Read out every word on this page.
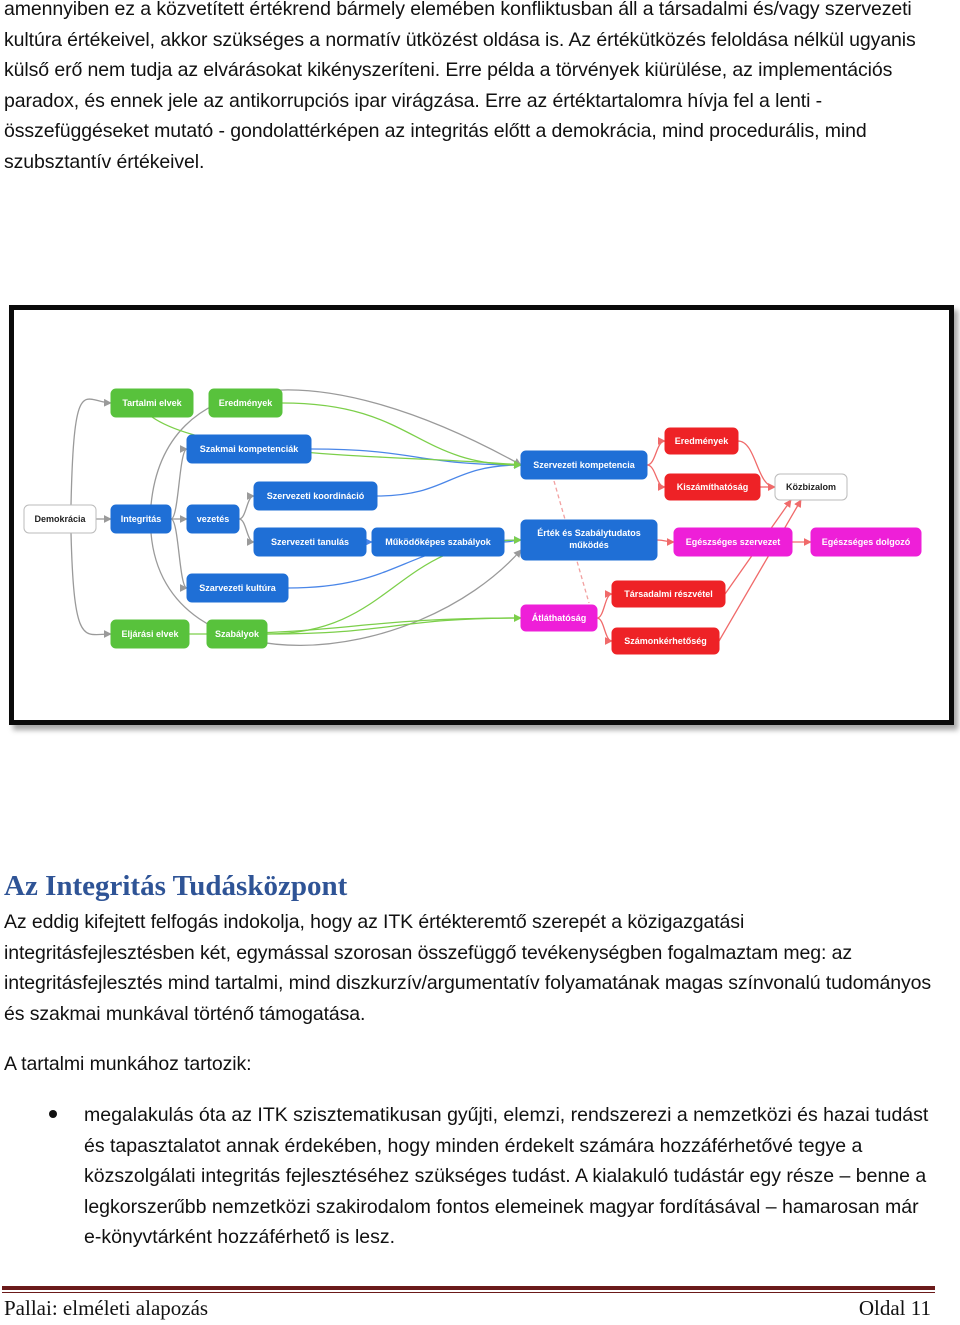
amennyiben ez a közvetített értékrend bármely elemében konfliktusban áll a társadalmi és/vagy szervezeti kultúra értékeivel, akkor szükséges a normatív ütközést oldása is. Az értékütközés feloldása nélkül ugyanis külső erő nem tudja az elvárásokat kikényszeríteni. Erre példa a törvények kiürülése, az implementációs paradox, és ennek jele az antikorrupciós ipar virágzása. Erre az értéktartalomra hívja fel a lenti - összefüggéseket mutató - gondolattérképen az integritás előtt a demokrácia, mind procedurális, mind szubsztantív értékeivel.

Tartalmi elvek	Eredmények
Szakmai kompetenciák
Szervezeti koordináció
Demokrácia	Integritás	vezetés
Szervezeti tanulás	Működőképes szabályok
Szarvezeti kultúra
Eljárási elvek	Szabályok
Szervezeti kompetencia
Érték és Szabálytudatos működés
Átláthatóság
Eredmények
Kiszámíthatóság	Közbizalom
Egészséges szervezet	Egészséges dolgozó
Társadalmi részvétel
Számonkérhetőség
Az Integritás Tudásközpont

Az eddig kifejtett felfogás indokolja, hogy az ITK értékteremtő szerepét a közigazgatási integritásfejlesztésben két, egymással szorosan összefüggő tevékenységben fogalmaztam meg: az integritásfejlesztés mind tartalmi, mind diszkurzív/argumentatív folyamatának magas színvonalú tudományos és szakmai munkával történő támogatása.

A tartalmi munkához tartozik:

megalakulás óta az ITK szisztematikusan gyűjti, elemzi, rendszerezi a nemzetközi és hazai tudást és tapasztalatot annak érdekében, hogy minden érdekelt számára hozzáférhetővé tegye a közszolgálati integritás fejlesztéséhez szükséges tudást. A kialakuló tudástár egy része – benne a legkorszerűbb nemzetközi szakirodalom fontos elemeinek magyar fordításával – hamarosan már e-könyvtárként hozzáférhető is lesz.
Pallai: elméleti alapozás	Oldal 11
